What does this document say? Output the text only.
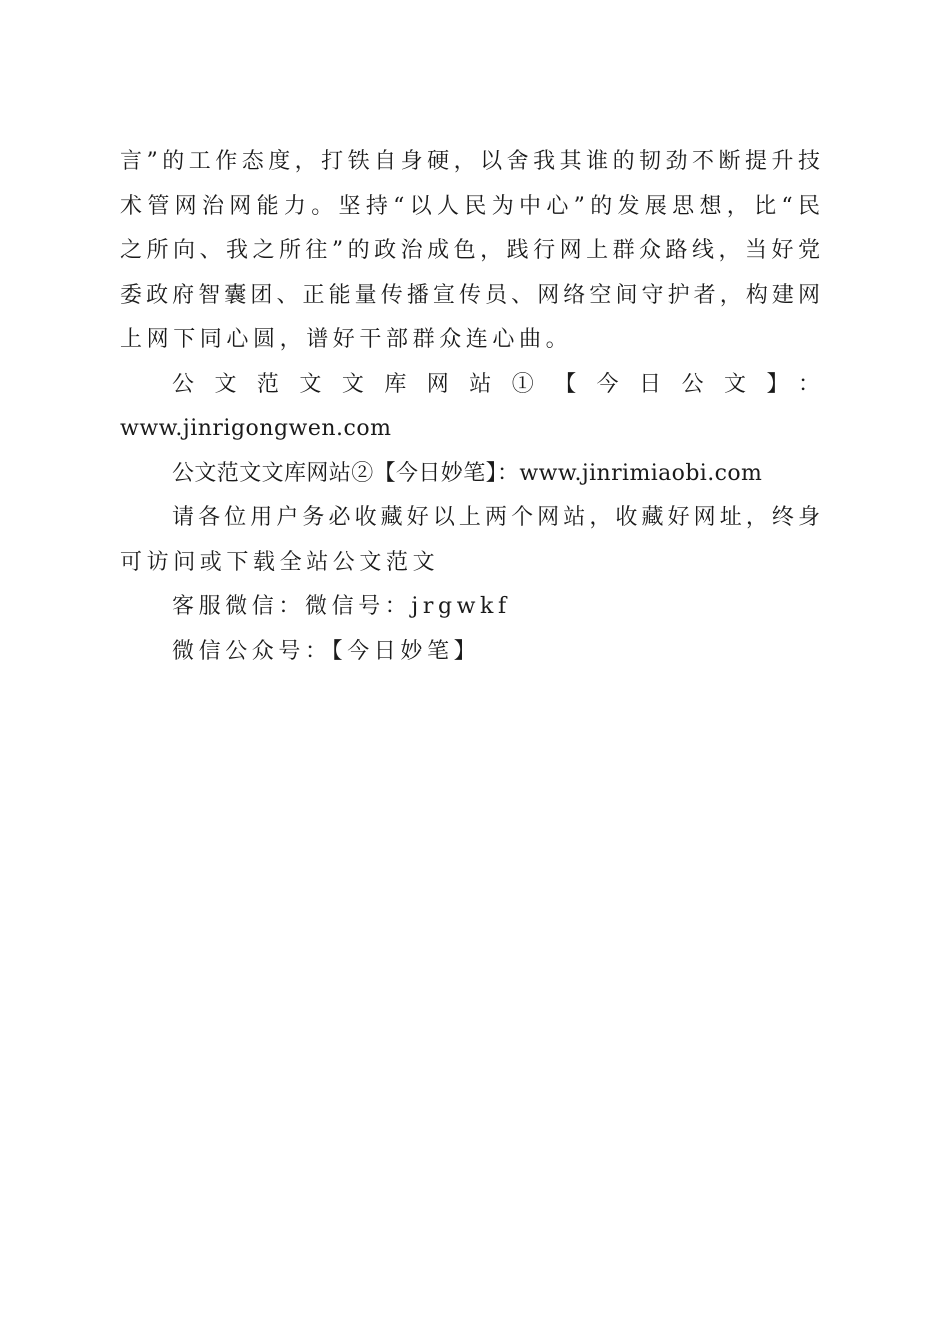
言”的工作态度，打铁自身硬，以舍我其谁的韧劲不断提升技
术管网治网能力。坚持“以人民为中心”的发展思想，比“民
之所向、我之所往”的政治成色，践行网上群众路线，当好党
委政府智囊团、正能量传播宣传员、网络空间守护者，构建网
上网下同心圆，谱好干部群众连心曲。
公文范文文库网站①【今日公文】：
www.jinrigongwen.com
公文范文文库网站②【今日妙笔】：www.jinrimiaobi.com
请各位用户务必收藏好以上两个网站，收藏好网址，终身
可访问或下载全站公文范文
客服微信：微信号：jrgwkf
微信公众号：【今日妙笔】
